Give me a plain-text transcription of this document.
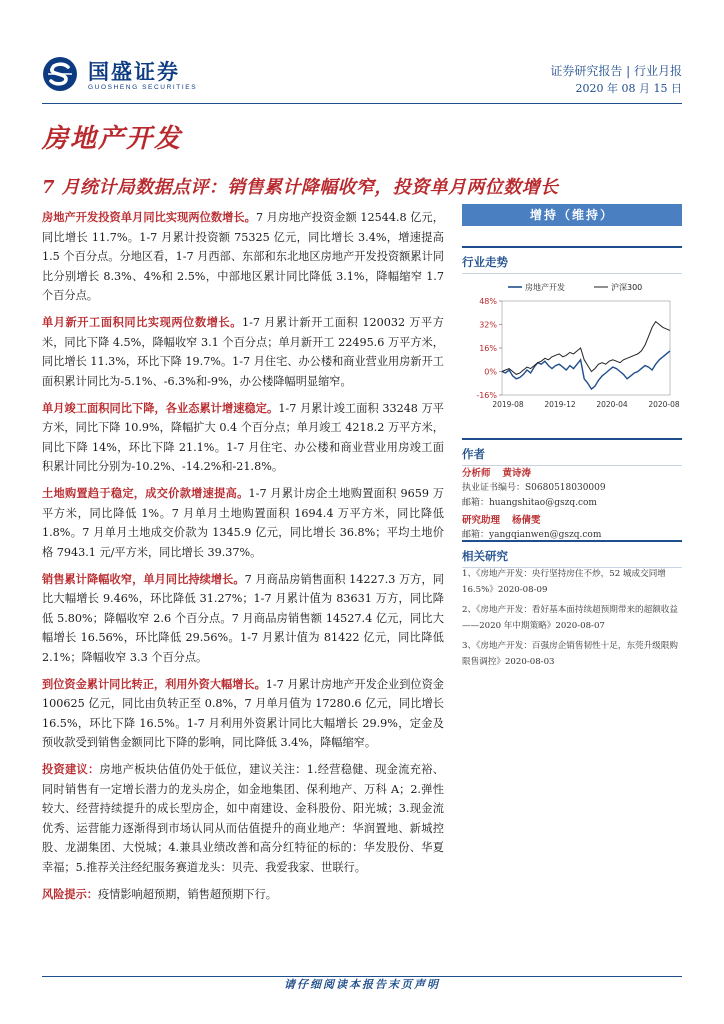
国盛证券
GUOSHENG SECURITIES
证券研究报告 | 行业月报
2020 年 08 月 15 日
房地产开发
7 月统计局数据点评：销售累计降幅收窄，投资单月两位数增长

房地产开发投资单月同比实现两位数增长。7 月房地产投资金额 12544.8 亿元，同比增长 11.7%。1-7 月累计投资额 75325 亿元，同比增长 3.4%，增速提高 1.5 个百分点。分地区看，1-7 月西部、东部和东北地区房地产开发投资额累计同比分别增长 8.3%、4%和 2.5%，中部地区累计同比降低 3.1%，降幅缩窄 1.7 个百分点。

单月新开工面积同比实现两位数增长。1-7 月累计新开工面积 120032 万平方米，同比下降 4.5%，降幅收窄 3.1 个百分点；单月新开工 22495.6 万平方米，同比增长 11.3%，环比下降 19.7%。1-7 月住宅、办公楼和商业营业用房新开工面积累计同比为-5.1%、-6.3%和-9%，办公楼降幅明显缩窄。

单月竣工面积同比下降，各业态累计增速稳定。1-7 月累计竣工面积 33248 万平方米，同比下降 10.9%，降幅扩大 0.4 个百分点；单月竣工 4218.2 万平方米，同比下降 14%，环比下降 21.1%。1-7 月住宅、办公楼和商业营业用房竣工面积累计同比分别为-10.2%、-14.2%和-21.8%。

土地购置趋于稳定，成交价款增速提高。1-7 月累计房企土地购置面积 9659 万平方米，同比降低 1%。7 月单月土地购置面积 1694.4 万平方米，同比降低 1.8%。7 月单月土地成交价款为 1345.9 亿元，同比增长 36.8%；平均土地价格 7943.1 元/平方米，同比增长 39.37%。

销售累计降幅收窄，单月同比持续增长。7 月商品房销售面积 14227.3 万方，同比大幅增长 9.46%，环比降低 31.27%；1-7 月累计值为 83631 万方，同比降低 5.80%；降幅收窄 2.6 个百分点。7 月商品房销售额 14527.4 亿元，同比大幅增长 16.56%，环比降低 29.56%。1-7 月累计值为 81422 亿元，同比降低 2.1%；降幅收窄 3.3 个百分点。

到位资金累计同比转正，利用外资大幅增长。1-7 月累计房地产开发企业到位资金 100625 亿元，同比由负转正至 0.8%，7 月单月值为 17280.6 亿元，同比增长 16.5%，环比下降 16.5%。1-7 月利用外资累计同比大幅增长 29.9%，定金及预收款受到销售金额同比下降的影响，同比降低 3.4%，降幅缩窄。

投资建议：房地产板块估值仍处于低位，建议关注：1.经营稳健、现金流充裕、同时销售有一定增长潜力的龙头房企，如金地集团、保利地产、万科 A；2.弹性较大、经营持续提升的成长型房企，如中南建设、金科股份、阳光城；3.现金流优秀、运营能力逐渐得到市场认同从而估值提升的商业地产：华润置地、新城控股、龙湖集团、大悦城；4.兼具业绩改善和高分红特征的标的：华发股份、华夏幸福；5.推荐关注经纪服务赛道龙头：贝壳、我爱我家、世联行。

风险提示：疫情影响超预期，销售超预期下行。

增持（维持）
行业走势
房地产开发	沪深300
48%
32%
16%
0%
-16%
2019-08	2019-12	2020-04	2020-08
作者
分析师 黄诗涛
执业证书编号：S0680518030009
邮箱：huangshitao@gszq.com
研究助理 杨倩雯
邮箱：yangqianwen@gszq.com
相关研究
1、《房地产开发：央行坚持房住不炒，52 城成交同增 16.5%》2020-08-09
2、《房地产开发：看好基本面持续超预期带来的超额收益——2020 年中期策略》2020-08-07
3、《房地产开发：百强房企销售韧性十足，东莞升级限购限售调控》2020-08-03
请仔细阅读本报告末页声明
